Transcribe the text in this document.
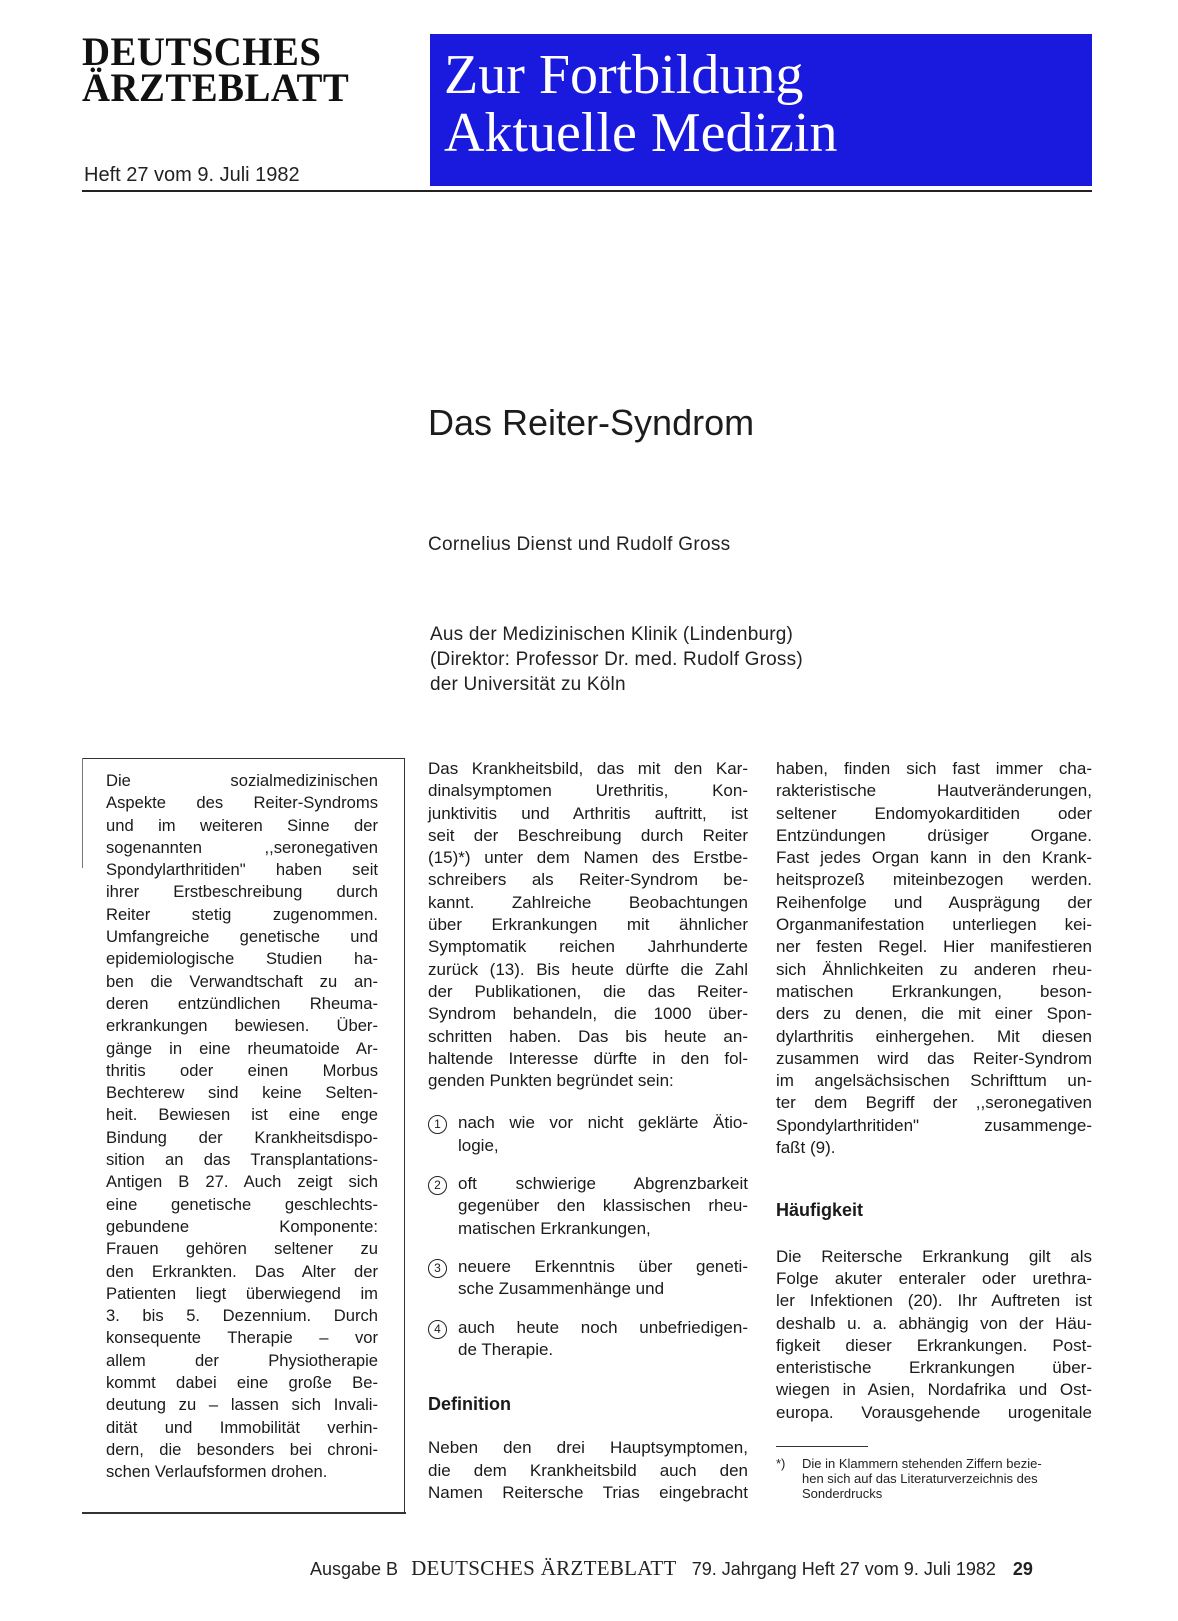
DEUTSCHES
ÄRZTEBLATT
Heft 27 vom 9. Juli 1982
Zur Fortbildung
Aktuelle Medizin
Das Reiter-Syndrom
Cornelius Dienst und Rudolf Gross
Aus der Medizinischen Klinik (Lindenburg)
(Direktor: Professor Dr. med. Rudolf Gross)
der Universität zu Köln
Die sozialmedizinischen
Aspekte des Reiter-Syndroms
und im weiteren Sinne der
sogenannten ,,seronegativen
Spondylarthritiden" haben seit
ihrer Erstbeschreibung durch
Reiter stetig zugenommen.
Umfangreiche genetische und
epidemiologische Studien ha-
ben die Verwandtschaft zu an-
deren entzündlichen Rheuma-
erkrankungen bewiesen. Über-
gänge in eine rheumatoide Ar-
thritis oder einen Morbus
Bechterew sind keine Selten-
heit. Bewiesen ist eine enge
Bindung der Krankheitsdispo-
sition an das Transplantations-
Antigen B 27. Auch zeigt sich
eine genetische geschlechts-
gebundene Komponente:
Frauen gehören seltener zu
den Erkrankten. Das Alter der
Patienten liegt überwiegend im
3. bis 5. Dezennium. Durch
konsequente Therapie – vor
allem der Physiotherapie
kommt dabei eine große Be-
deutung zu – lassen sich Invali-
dität und Immobilität verhin-
dern, die besonders bei chroni-
schen Verlaufsformen drohen.

Das Krankheitsbild, das mit den Kar-
dinalsymptomen Urethritis, Kon-
junktivitis und Arthritis auftritt, ist
seit der Beschreibung durch Reiter
(15)*) unter dem Namen des Erstbe-
schreibers als Reiter-Syndrom be-
kannt. Zahlreiche Beobachtungen
über Erkrankungen mit ähnlicher
Symptomatik reichen Jahrhunderte
zurück (13). Bis heute dürfte die Zahl
der Publikationen, die das Reiter-
Syndrom behandeln, die 1000 über-
schritten haben. Das bis heute an-
haltende Interesse dürfte in den fol-
genden Punkten begründet sein:

1	nach wie vor nicht geklärte Ätio-
logie,
2	oft schwierige Abgrenzbarkeit
gegenüber den klassischen rheu-
matischen Erkrankungen,
3	neuere Erkenntnis über geneti-
sche Zusammenhänge und
4	auch heute noch unbefriedigen-
de Therapie.
Definition

Neben den drei Hauptsymptomen,
die dem Krankheitsbild auch den
Namen Reitersche Trias eingebracht

haben, finden sich fast immer cha-
rakteristische Hautveränderungen,
seltener Endomyokarditiden oder
Entzündungen drüsiger Organe.
Fast jedes Organ kann in den Krank-
heitsprozeß miteinbezogen werden.
Reihenfolge und Ausprägung der
Organmanifestation unterliegen kei-
ner festen Regel. Hier manifestieren
sich Ähnlichkeiten zu anderen rheu-
matischen Erkrankungen, beson-
ders zu denen, die mit einer Spon-
dylarthritis einhergehen. Mit diesen
zusammen wird das Reiter-Syndrom
im angelsächsischen Schrifttum un-
ter dem Begriff der ,,seronegativen
Spondylarthritiden" zusammenge-
faßt (9).

Häufigkeit

Die Reitersche Erkrankung gilt als
Folge akuter enteraler oder urethra-
ler Infektionen (20). Ihr Auftreten ist
deshalb u. a. abhängig von der Häu-
figkeit dieser Erkrankungen. Post-
enteristische Erkrankungen über-
wiegen in Asien, Nordafrika und Ost-
europa. Vorausgehende urogenitale

*) Die in Klammern stehenden Ziffern bezie-
hen sich auf das Literaturverzeichnis des
Sonderdrucks
Ausgabe B DEUTSCHES ÄRZTEBLATT 79. Jahrgang Heft 27 vom 9. Juli 1982 29
